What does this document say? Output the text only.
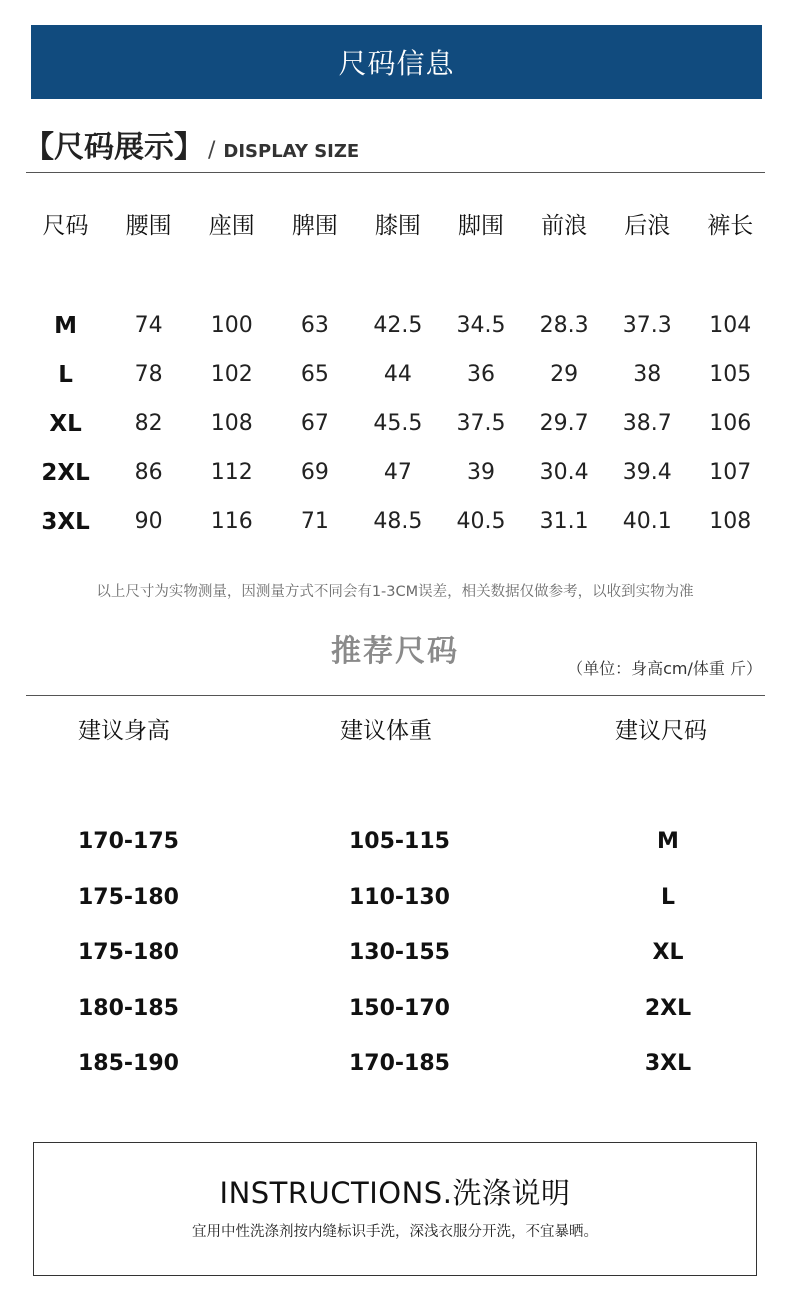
尺码信息
【尺码展示】 / DISPLAY SIZE
尺码	腰围	座围	脾围	膝围	脚围	前浪	后浪	裤长
M	74	100	63	42.5	34.5	28.3	37.3	104
L	78	102	65	44	36	29	38	105
XL	82	108	67	45.5	37.5	29.7	38.7	106
2XL	86	112	69	47	39	30.4	39.4	107
3XL	90	116	71	48.5	40.5	31.1	40.1	108
以上尺寸为实物测量，因测量方式不同会有1-3CM误差，相关数据仅做参考，以收到实物为准
推荐尺码	（单位：身高cm/体重 斤）
建议身高	建议体重	建议尺码
170-175	105-115	M
175-180	110-130	L
175-180	130-155	XL
180-185	150-170	2XL
185-190	170-185	3XL
INSTRUCTIONS.洗涤说明
宜用中性洗涤剂按内缝标识手洗，深浅衣服分开洗，不宜暴晒。
